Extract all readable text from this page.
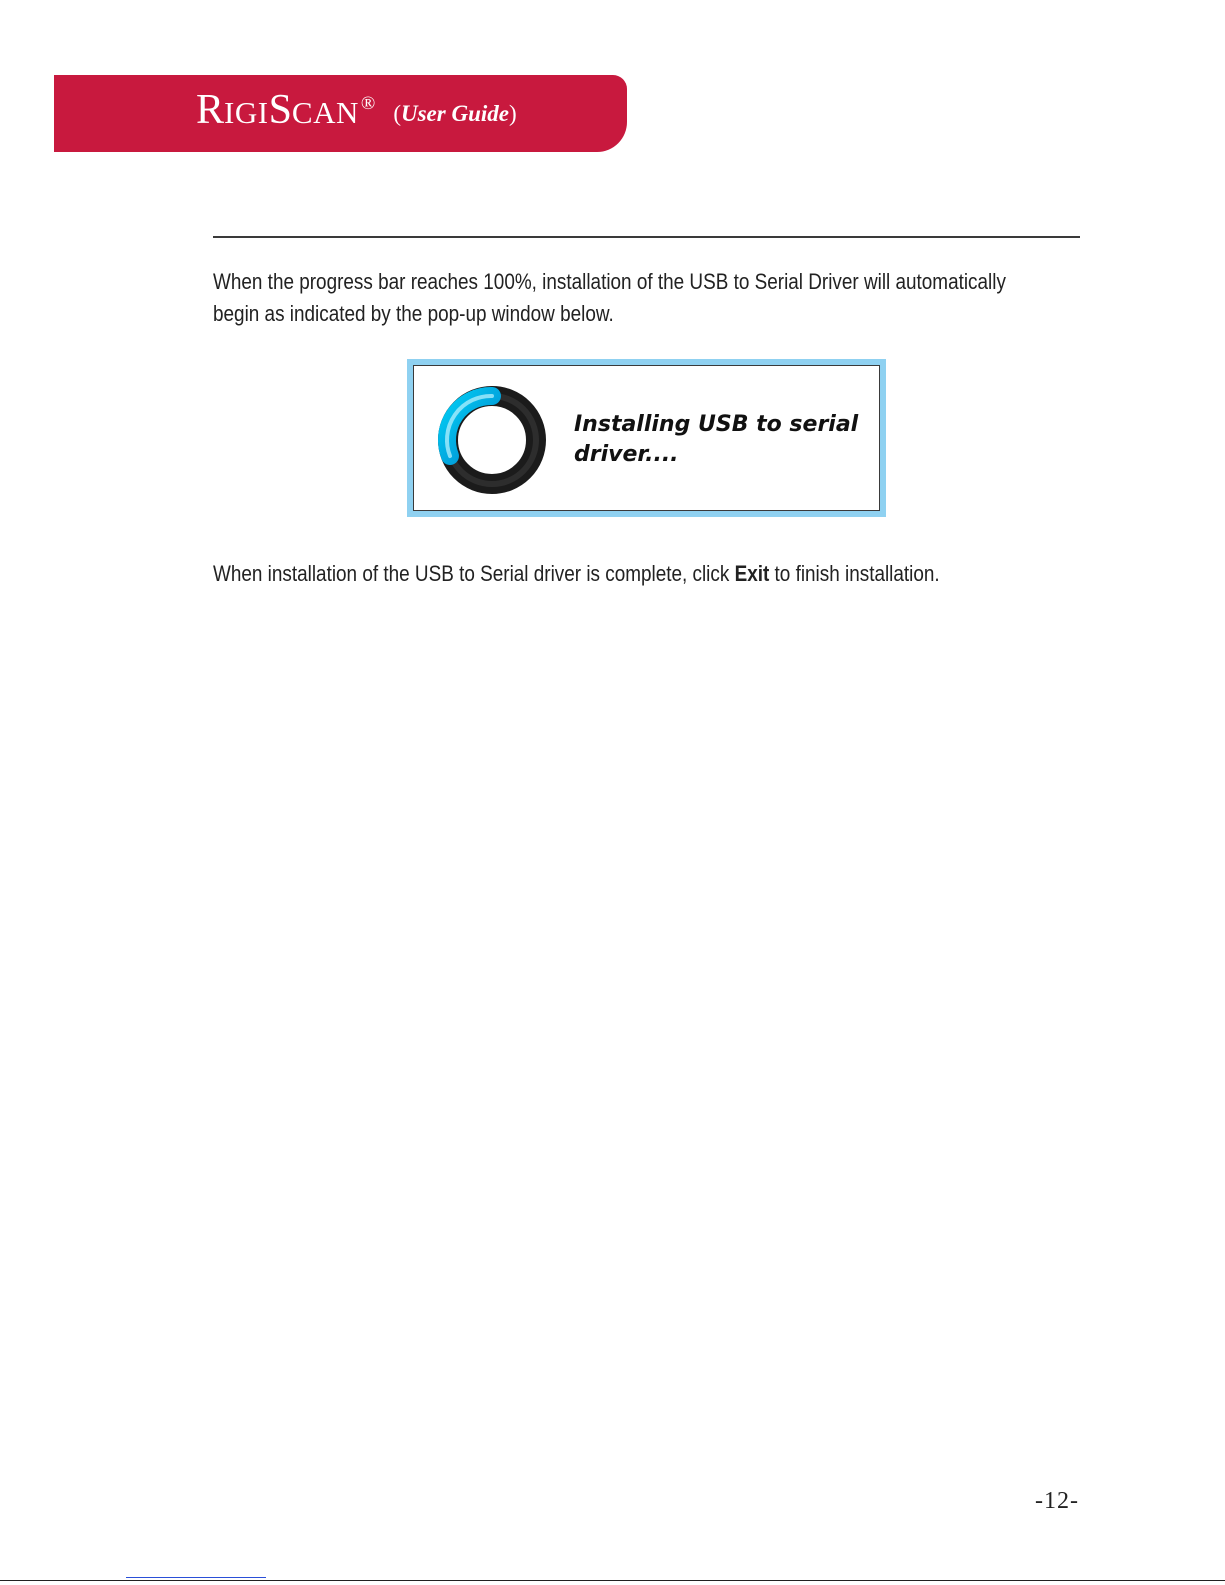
RIGISCAN ® (User Guide)
When the progress bar reaches 100%, installation of the USB to Serial Driver will automatically
begin as indicated by the pop-up window below.
Installing USB to serial
driver....
When installation of the USB to Serial driver is complete, click Exit to finish installation.
-12-
